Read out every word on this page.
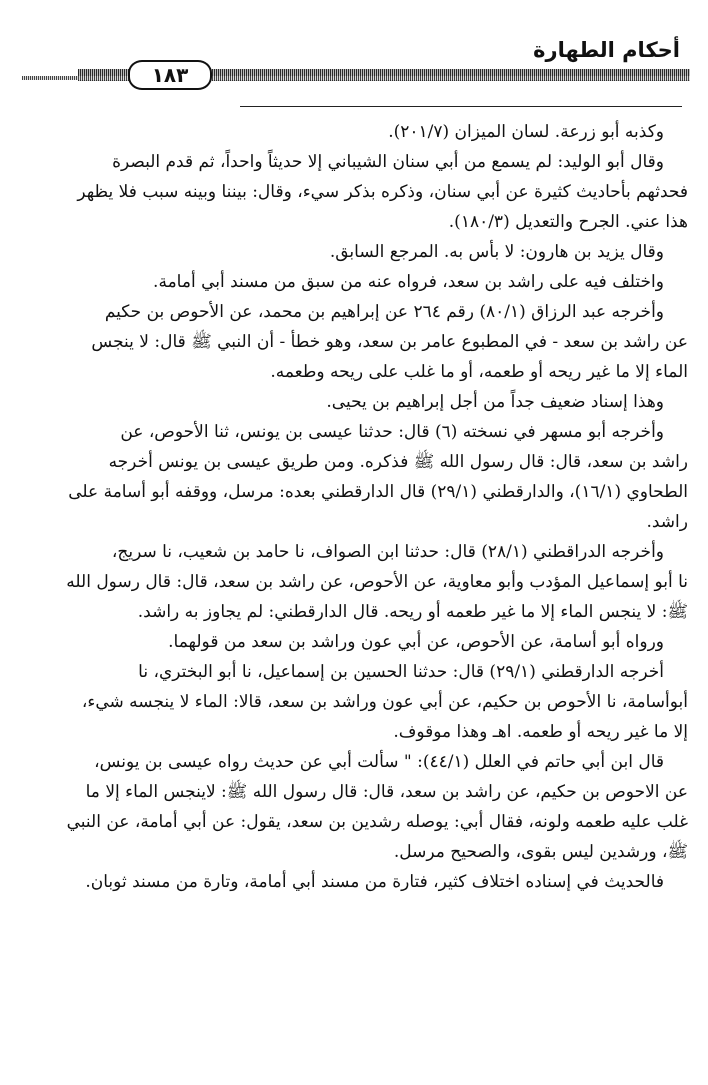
أحكام الطهارة
١٨٣
وكذبه أبو زرعة. لسان الميزان (٢٠١/٧).
وقال أبو الوليد: لم يسمع من أبي سنان الشيباني إلا حديثاً واحداً، ثم قدم البصرة
فحدثهم بأحاديث كثيرة عن أبي سنان، وذكره بذكر سيء، وقال: بيننا وبينه سبب فلا يظهر
هذا عني. الجرح والتعديل (١٨٠/٣).
وقال يزيد بن هارون: لا بأس به. المرجع السابق.
واختلف فيه على راشد بن سعد، فرواه عنه من سبق من مسند أبي أمامة.
وأخرجه عبد الرزاق (٨٠/١) رقم ٢٦٤ عن إبراهيم بن محمد، عن الأحوص بن حكيم
عن راشد بن سعد - في المطبوع عامر بن سعد، وهو خطأ - أن النبي ﷺ قال: لا ينجس
الماء إلا ما غير ريحه أو طعمه، أو ما غلب على ريحه وطعمه.
وهذا إسناد ضعيف جداً من أجل إبراهيم بن يحيى.
وأخرجه أبو مسهر في نسخته (٦) قال: حدثنا عيسى بن يونس، ثنا الأحوص، عن
راشد بن سعد، قال: قال رسول الله ﷺ فذكره. ومن طريق عيسى بن يونس أخرجه
الطحاوي (١٦/١)، والدارقطني (٢٩/١) قال الدارقطني بعده: مرسل، ووقفه أبو أسامة على
راشد.
وأخرجه الدراقطني (٢٨/١) قال: حدثنا ابن الصواف، نا حامد بن شعيب، نا سريج،
نا أبو إسماعيل المؤدب وأبو معاوية، عن الأحوص، عن راشد بن سعد، قال: قال رسول الله
ﷺ: لا ينجس الماء إلا ما غير طعمه أو ريحه. قال الدارقطني: لم يجاوز به راشد.
ورواه أبو أسامة، عن الأحوص، عن أبي عون وراشد بن سعد من قولهما.
أخرجه الدارقطني (٢٩/١) قال: حدثنا الحسين بن إسماعيل، نا أبو البختري، نا
أبوأسامة، نا الأحوص بن حكيم، عن أبي عون وراشد بن سعد، قالا: الماء لا ينجسه شيء،
إلا ما غير ريحه أو طعمه. اهـ وهذا موقوف.
قال ابن أبي حاتم في العلل (٤٤/١): " سألت أبي عن حديث رواه عيسى بن يونس،
عن الاحوص بن حكيم، عن راشد بن سعد، قال: قال رسول الله ﷺ: لاينجس الماء إلا ما
غلب عليه طعمه ولونه، فقال أبي: يوصله رشدين بن سعد، يقول: عن أبي أمامة، عن النبي
ﷺ، ورشدين ليس بقوى، والصحيح مرسل.
فالحديث في إسناده اختلاف كثير، فتارة من مسند أبي أمامة، وتارة من مسند ثوبان.
